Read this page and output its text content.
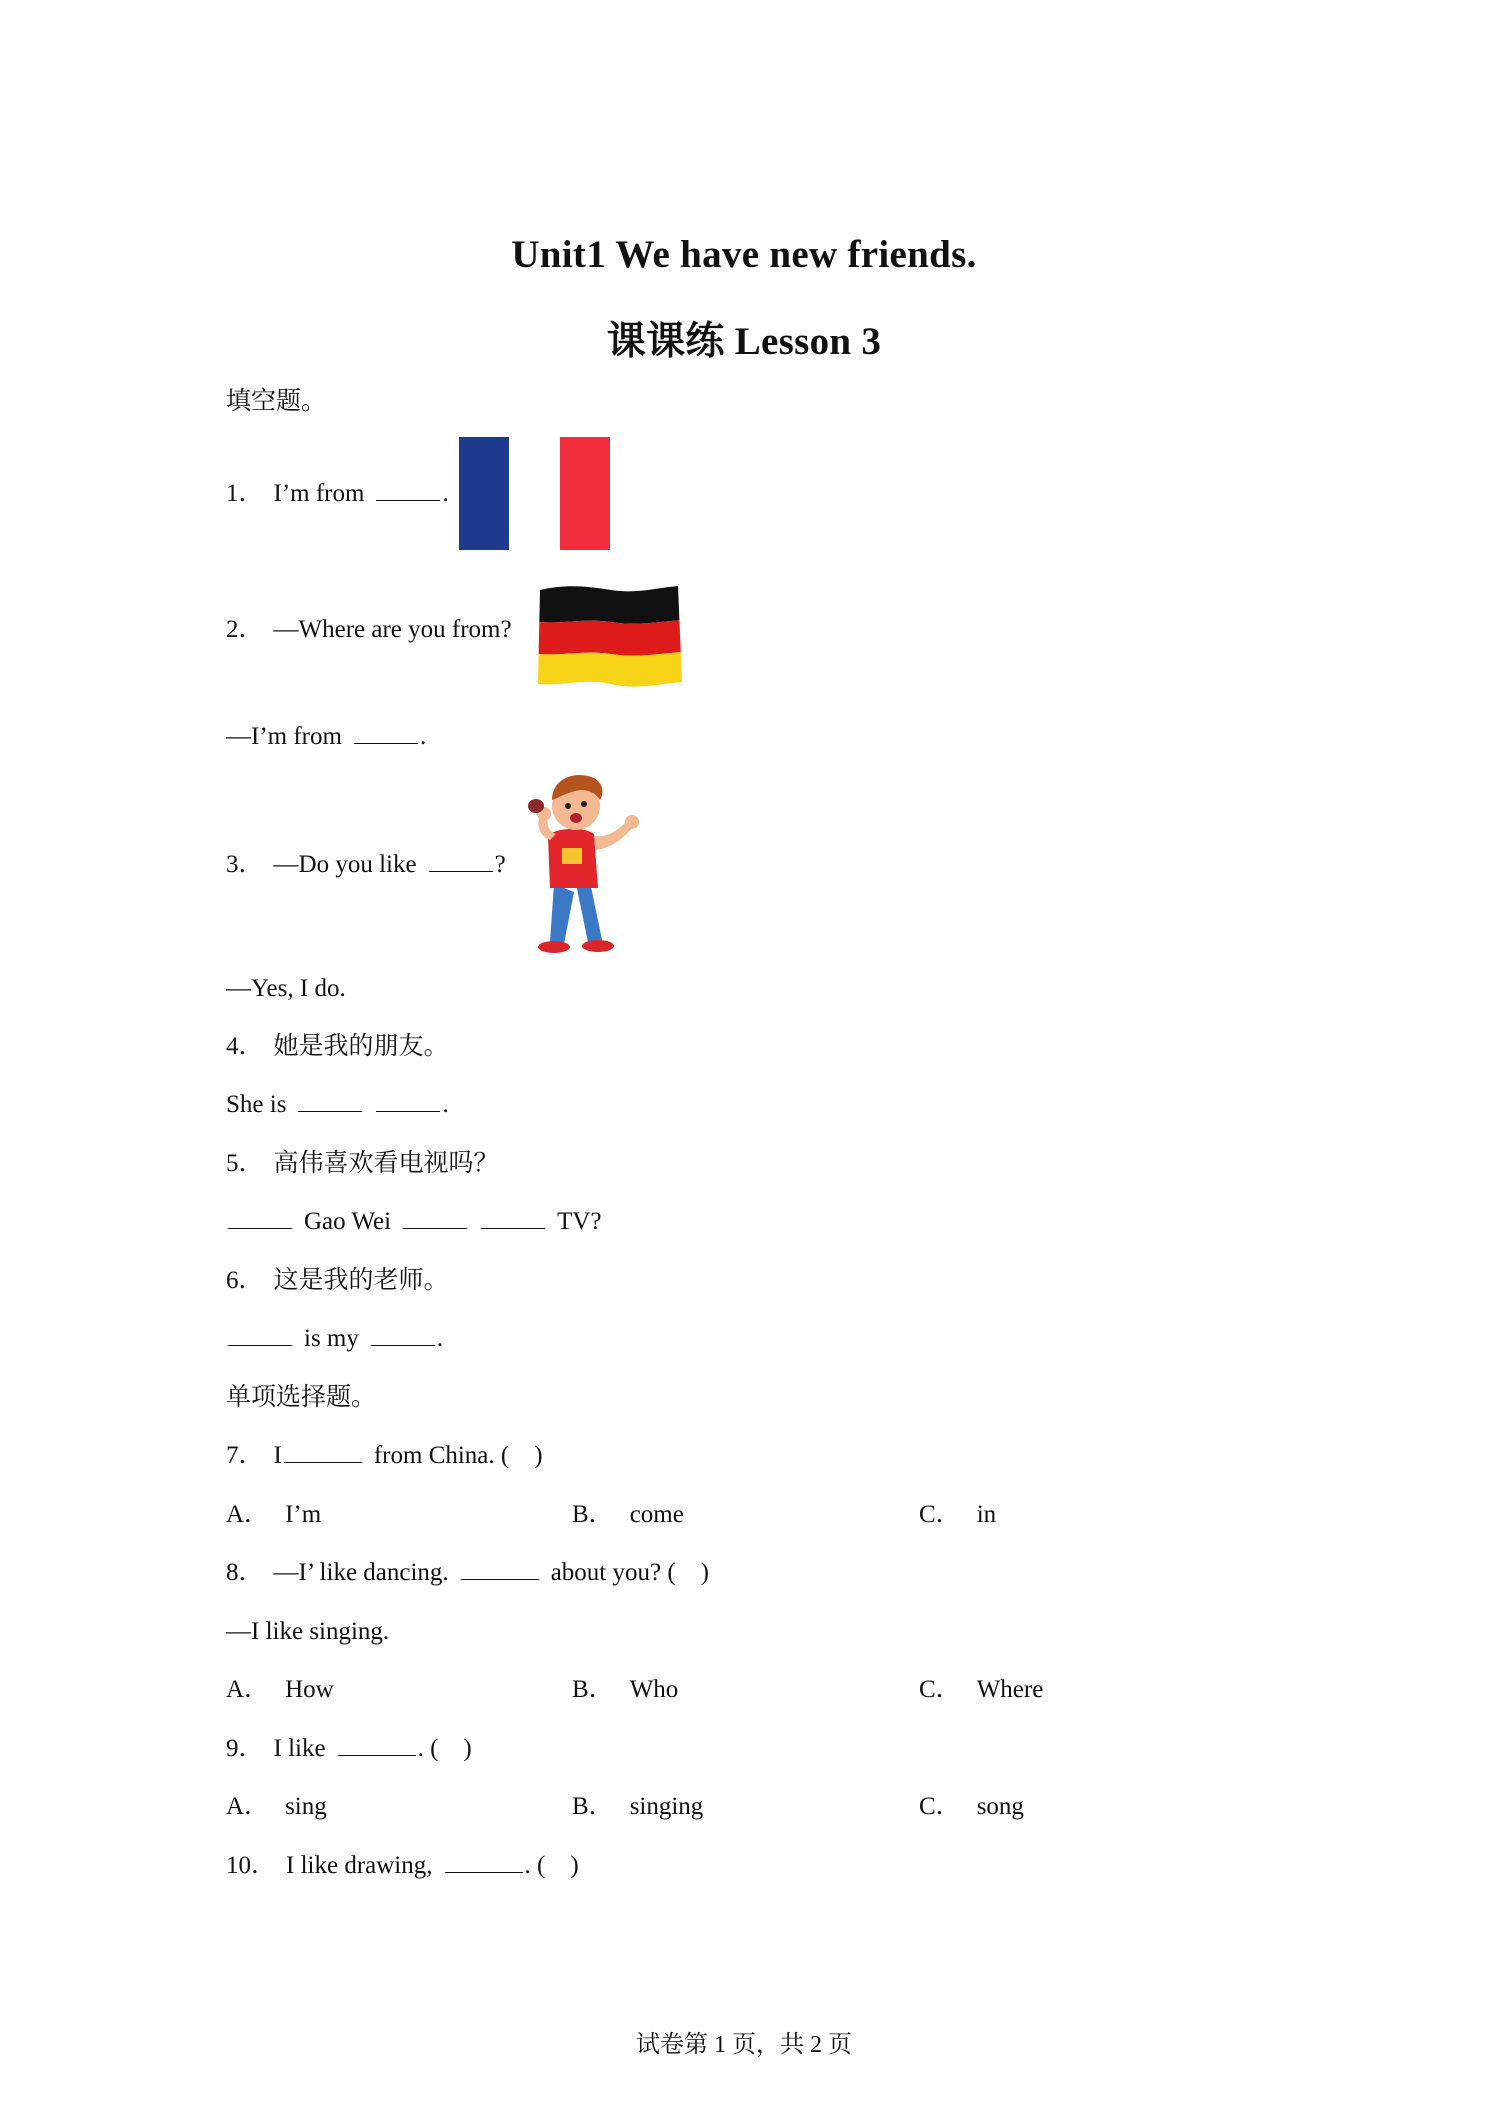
Unit1 We have new friends.
课课练 Lesson 3
填空题。
1． I’m from	.
2． —Where are you from?
—I’m from	.
3． —Do you like	?
—Yes, I do.
4． 她是我的朋友。
She is	.
5． 高伟喜欢看电视吗？
Gao Wei	TV?
6． 这是我的老师。
is my	.
单项选择题。
7． I	from China. (　)
A． I’m	B． come	C． in
8． —I’ like dancing.	about you? (　)
—I like singing.
A． How	B． Who	C． Where
9． I like	. (　)
A． sing	B． singing	C． song
10． I like drawing,	. (　)
试卷第 1 页，共 2 页
